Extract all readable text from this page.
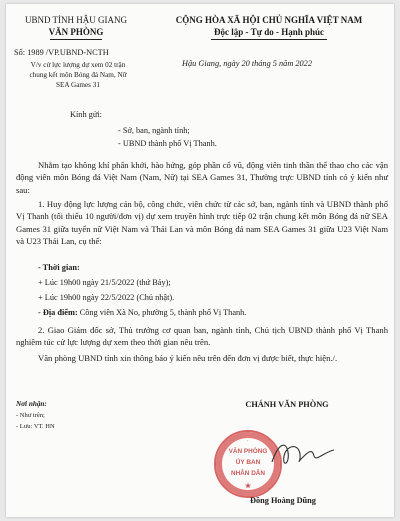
UBND TỈNH HẬU GIANG
VĂN PHÒNG
CỘNG HÒA XÃ HỘI CHỦ NGHĨA VIỆT NAM
Độc lập - Tự do - Hạnh phúc
Số: 1989 /VP.UBND-NCTH
V/v cử lực lượng dự xem 02 trận
chung kết môn Bóng đá Nam, Nữ
SEA Games 31
Hậu Giang, ngày 20 tháng 5 năm 2022
Kính gửi:
- Sở, ban, ngành tỉnh;
- UBND thành phố Vị Thanh.
Nhằm tạo không khí phấn khởi, hào hứng, góp phần cổ vũ, động viên tinh thần thể thao cho các vận động viên môn Bóng đá Việt Nam (Nam, Nữ) tại SEA Games 31, Thường trực UBND tỉnh có ý kiến như sau:
1. Huy động lực lượng cán bộ, công chức, viên chức từ các sở, ban, ngành tỉnh và UBND thành phố Vị Thanh (tối thiểu 10 người/đơn vị) dự xem truyền hình trực tiếp 02 trận chung kết môn Bóng đá nữ SEA Games 31 giữa tuyển nữ Việt Nam và Thái Lan và môn Bóng đá nam SEA Games 31 giữa U23 Việt Nam và U23 Thái Lan, cụ thể:
- Thời gian:
+ Lúc 19h00 ngày 21/5/2022 (thứ Bảy);
+ Lúc 19h00 ngày 22/5/2022 (Chủ nhật).
- Địa điểm: Công viên Xà No, phường 5, thành phố Vị Thanh.
2. Giao Giám đốc sở, Thủ trưởng cơ quan ban, ngành tỉnh, Chủ tịch UBND thành phố Vị Thanh nghiêm túc cử lực lượng dự xem theo thời gian nêu trên.
Văn phòng UBND tỉnh xin thông báo ý kiến nêu trên đến đơn vị được biết, thực hiện./.
Nơi nhận:
- Như trên;
- Lưu: VT. HN
CHÁNH VĂN PHÒNG
·
VĂN PHÒNG
ỦY BAN
NHÂN DÂN
★
Đồng Hoàng Dũng
